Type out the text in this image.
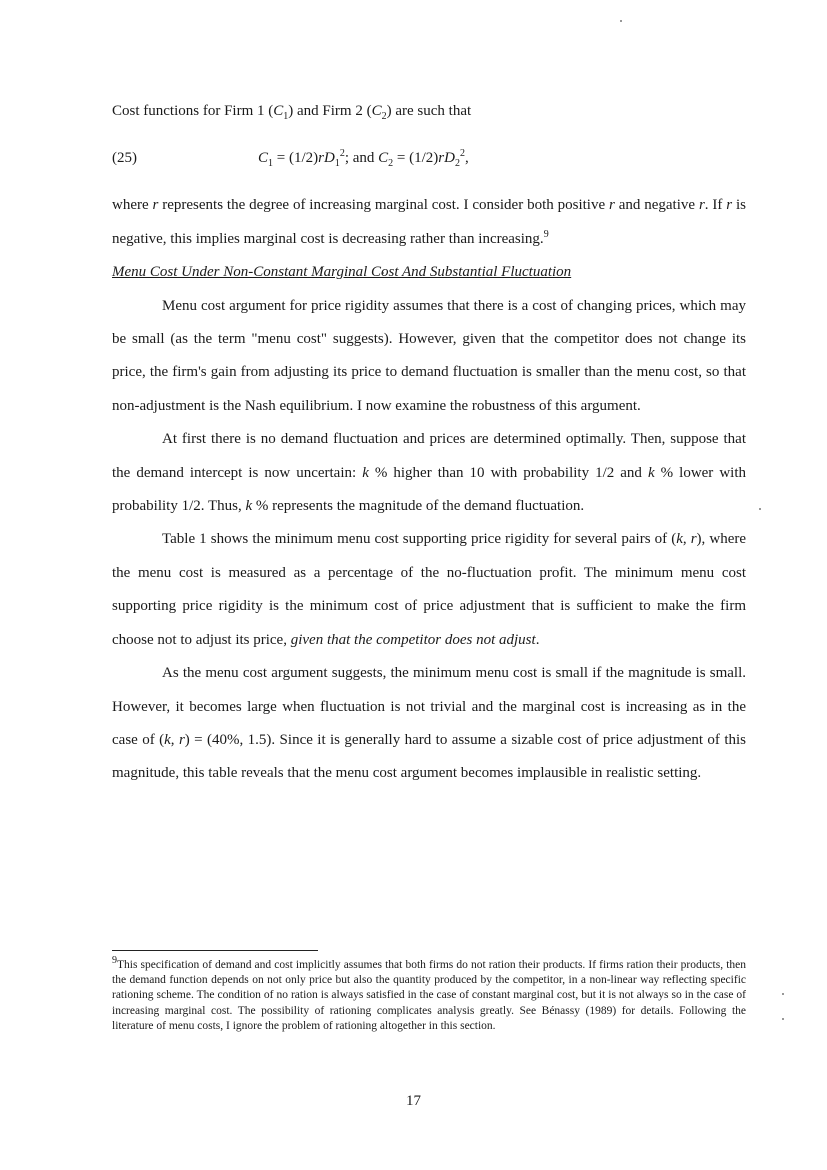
Cost functions for Firm 1 $(C_1)$ and Firm 2 $(C_2)$ are such that

(25)	$C_1 = (1/2)rD_1^2$; and $C_2 = (1/2)rD_2^2$,

where r represents the degree of increasing marginal cost. I consider both positive r and negative r. If r is negative, this implies marginal cost is decreasing rather than increasing.$^9$

Menu Cost Under Non-Constant Marginal Cost And Substantial Fluctuation

Menu cost argument for price rigidity assumes that there is a cost of changing prices, which may be small (as the term "menu cost" suggests). However, given that the competitor does not change its price, the firm's gain from adjusting its price to demand fluctuation is smaller than the menu cost, so that non-adjustment is the Nash equilibrium. I now examine the robustness of this argument.

At first there is no demand fluctuation and prices are determined optimally. Then, suppose that the demand intercept is now uncertain: k % higher than 10 with probability 1/2 and k % lower with probability 1/2. Thus, k % represents the magnitude of the demand fluctuation.

Table 1 shows the minimum menu cost supporting price rigidity for several pairs of (k, r), where the menu cost is measured as a percentage of the no-fluctuation profit. The minimum menu cost supporting price rigidity is the minimum cost of price adjustment that is sufficient to make the firm choose not to adjust its price, given that the competitor does not adjust.

As the menu cost argument suggests, the minimum menu cost is small if the magnitude is small. However, it becomes large when fluctuation is not trivial and the marginal cost is increasing as in the case of (k, r) = (40%, 1.5). Since it is generally hard to assume a sizable cost of price adjustment of this magnitude, this table reveals that the menu cost argument becomes implausible in realistic setting.

$^9$This specification of demand and cost implicitly assumes that both firms do not ration their products. If firms ration their products, then the demand function depends on not only price but also the quantity produced by the competitor, in a non-linear way reflecting specific rationing scheme. The condition of no ration is always satisfied in the case of constant marginal cost, but it is not always so in the case of increasing marginal cost. The possibility of rationing complicates analysis greatly. See Bénassy (1989) for details. Following the literature of menu costs, I ignore the problem of rationing altogether in this section.

17
